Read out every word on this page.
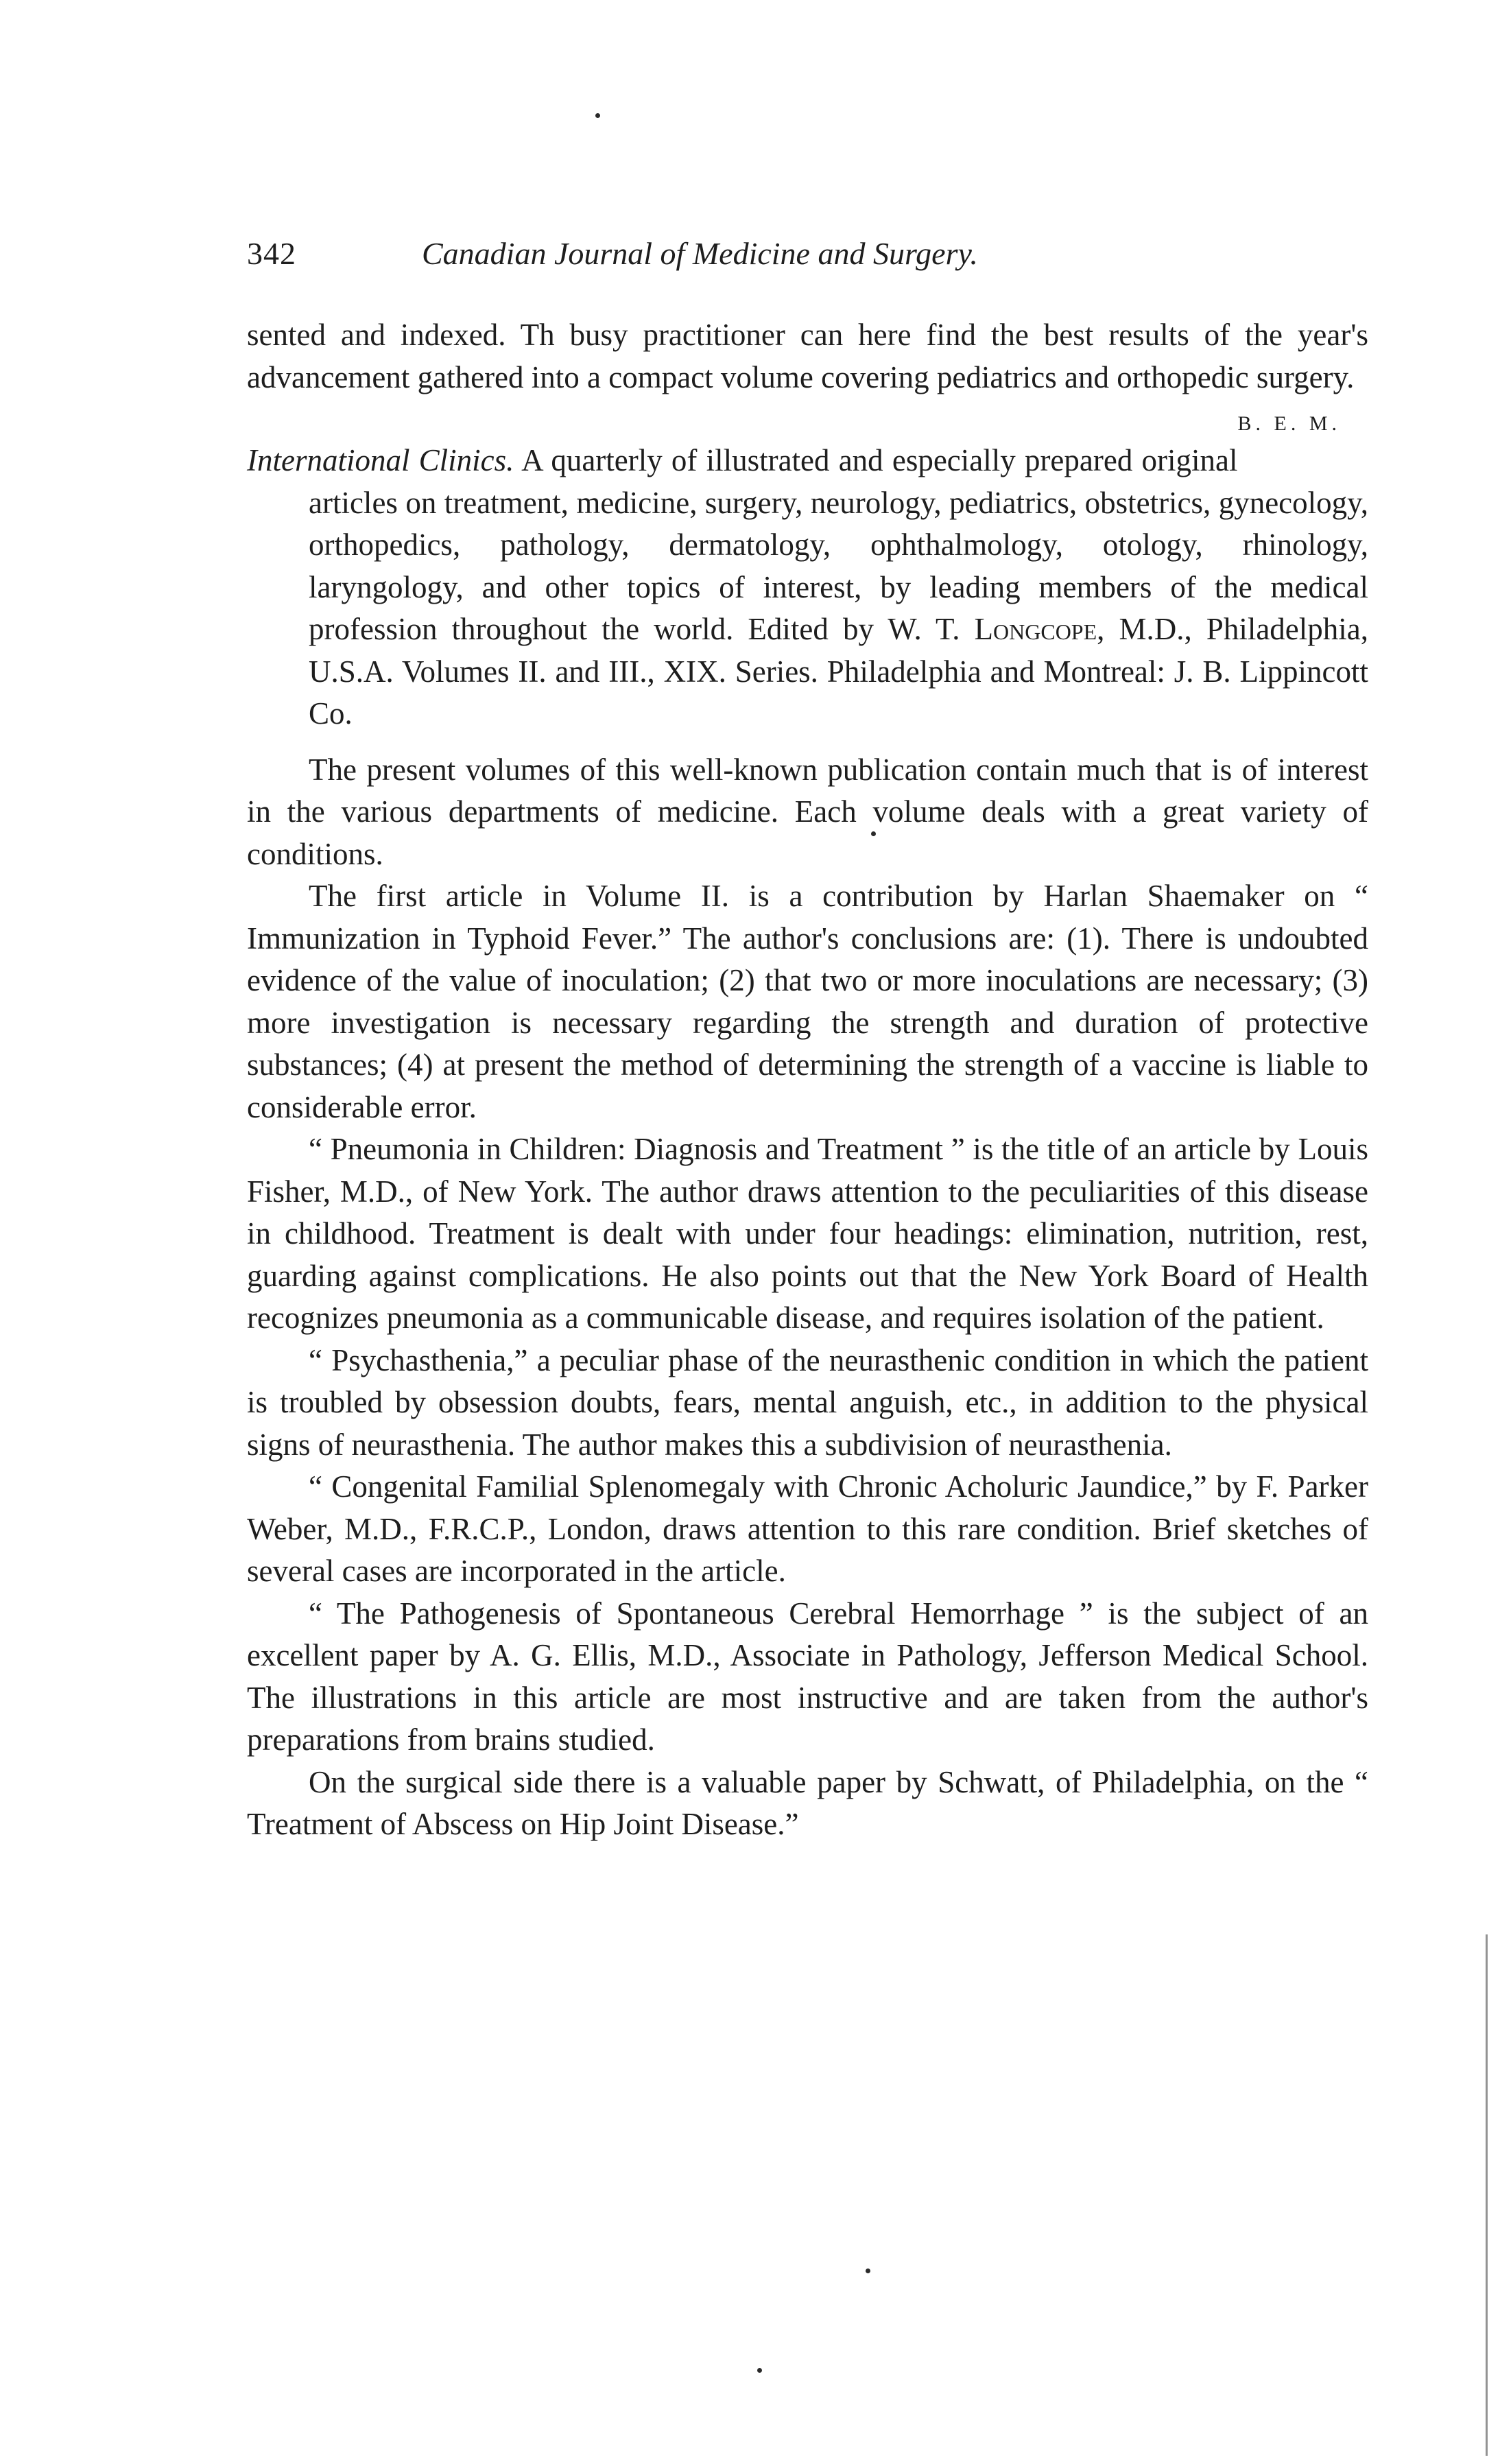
342	Canadian Journal of Medicine and Surgery.

sented and indexed. Th busy practitioner can here find the best results of the year's advancement gathered into a compact volume covering pediatrics and orthopedic surgery.
B. E. M.

International Clinics. A quarterly of illustrated and especially prepared original articles on treatment, medicine, surgery, neurology, pediatrics, obstetrics, gynecology, orthopedics, pathology, dermatology, ophthalmology, otology, rhinology, laryngology, and other topics of interest, by leading members of the medical profession throughout the world. Edited by W. T. Longcope, M.D., Philadelphia, U.S.A. Volumes II. and III., XIX. Series. Philadelphia and Montreal: J. B. Lippincott Co.

The present volumes of this well-known publication contain much that is of interest in the various departments of medicine. Each volume deals with a great variety of conditions.

The first article in Volume II. is a contribution by Harlan Shaemaker on “ Immunization in Typhoid Fever.” The author's conclusions are: (1). There is undoubted evidence of the value of inoculation; (2) that two or more inoculations are necessary; (3) more investigation is necessary regarding the strength and duration of protective substances; (4) at present the method of determining the strength of a vaccine is liable to considerable error.

“ Pneumonia in Children: Diagnosis and Treatment ” is the title of an article by Louis Fisher, M.D., of New York. The author draws attention to the peculiarities of this disease in childhood. Treatment is dealt with under four headings: elimination, nutrition, rest, guarding against complications. He also points out that the New York Board of Health recognizes pneumonia as a communicable disease, and requires isolation of the patient.

“ Psychasthenia,” a peculiar phase of the neurasthenic condition in which the patient is troubled by obsession doubts, fears, mental anguish, etc., in addition to the physical signs of neurasthenia. The author makes this a subdivision of neurasthenia.

“ Congenital Familial Splenomegaly with Chronic Acholuric Jaundice,” by F. Parker Weber, M.D., F.R.C.P., London, draws attention to this rare condition. Brief sketches of several cases are incorporated in the article.

“ The Pathogenesis of Spontaneous Cerebral Hemorrhage ” is the subject of an excellent paper by A. G. Ellis, M.D., Associate in Pathology, Jefferson Medical School. The illustrations in this article are most instructive and are taken from the author's preparations from brains studied.

On the surgical side there is a valuable paper by Schwatt, of Philadelphia, on the “ Treatment of Abscess on Hip Joint Disease.”
